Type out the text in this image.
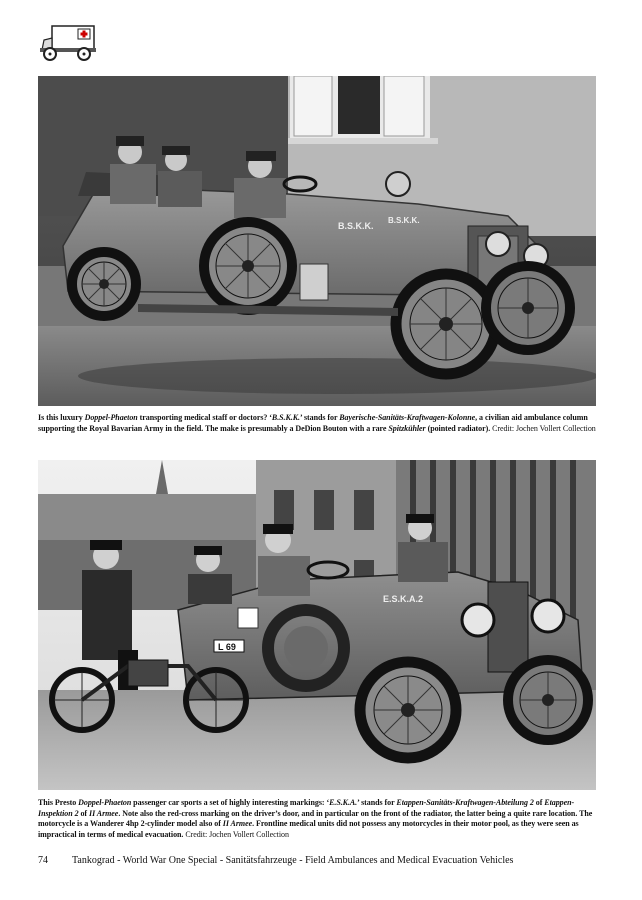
B.S.K.K.
B.S.K.K.
Is this luxury Doppel-Phaeton transporting medical staff or doctors? ‘B.S.K.K.’ stands for Bayerische-Sanitäts-Kraftwagen-Kolonne, a civilian aid ambulance column supporting the Royal Bavarian Army in the field. The make is presumably a DeDion Bouton with a rare Spitzkühler (pointed radiator). Credit: Jochen Vollert Collection
E.S.K.A.2
L 69
This Presto Doppel-Phaeton passenger car sports a set of highly interesting markings: ‘E.S.K.A.’ stands for Etappen-Sanitäts-Kraftwagen-Abteilung 2 of Etappen-Inspektion 2 of II Armee. Note also the red-cross marking on the driver’s door, and in particular on the front of the radiator, the latter being a quite rare location. The motorcycle is a Wanderer 4hp 2-cylinder model also of II Armee. Frontline medical units did not possess any motorcycles in their motor pool, as they were seen as impractical in terms of medical evacuation. Credit: Jochen Vollert Collection
74 Tankograd - World War One Special - Sanitätsfahrzeuge - Field Ambulances and Medical Evacuation Vehicles
